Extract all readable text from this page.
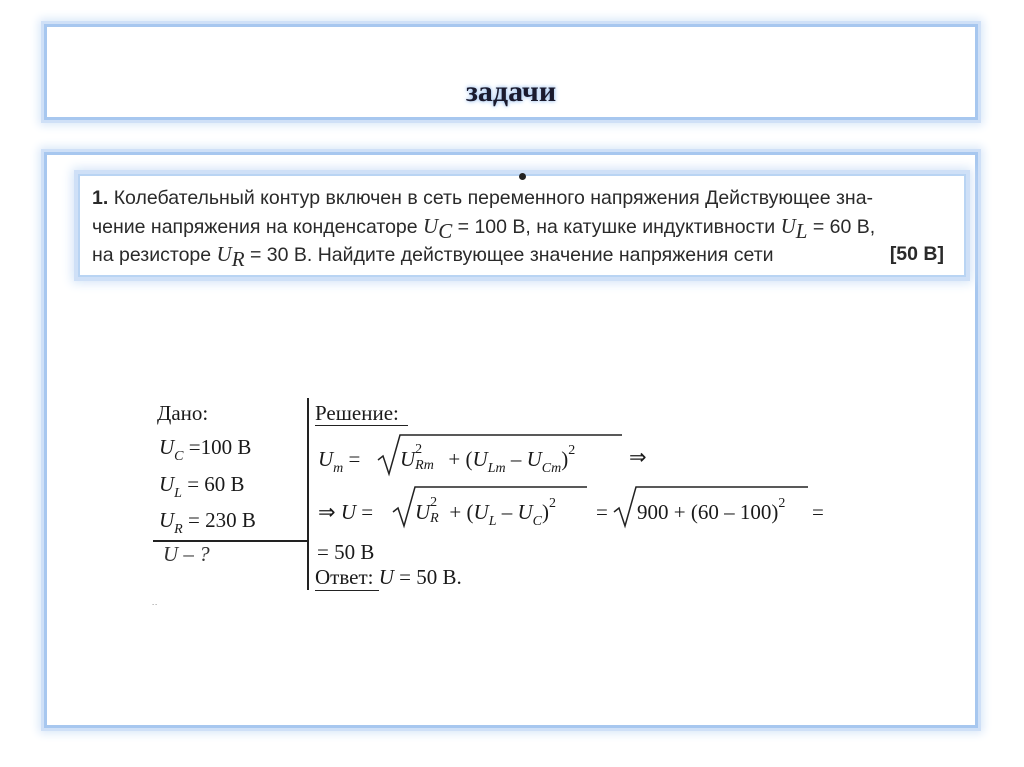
задачи
1. Колебательный контур включен в сеть переменного напряжения Действующее зна-
чение напряжения на конденсаторе $U_C = 100$ В, на катушке индуктивности $U_L = 60$ В,
на резисторе $U_R = 30$ В. Найдите действующее значение напряжения сети	[50 В]
Дано:
$U_C =100$ В
$U_L = 60$ В
$U_R = 230$ В
U – ?
Решение:
$U_m = U$ 2
$Rm + (U_{Lm} - U_{Cm})^2$	⇒
⇒ U = U 2
$R + (U_L - U_C)^2 = 900 + (60 - 100)^2$ =
= 50 В
Ответ: U = 50 В.
˙˙
